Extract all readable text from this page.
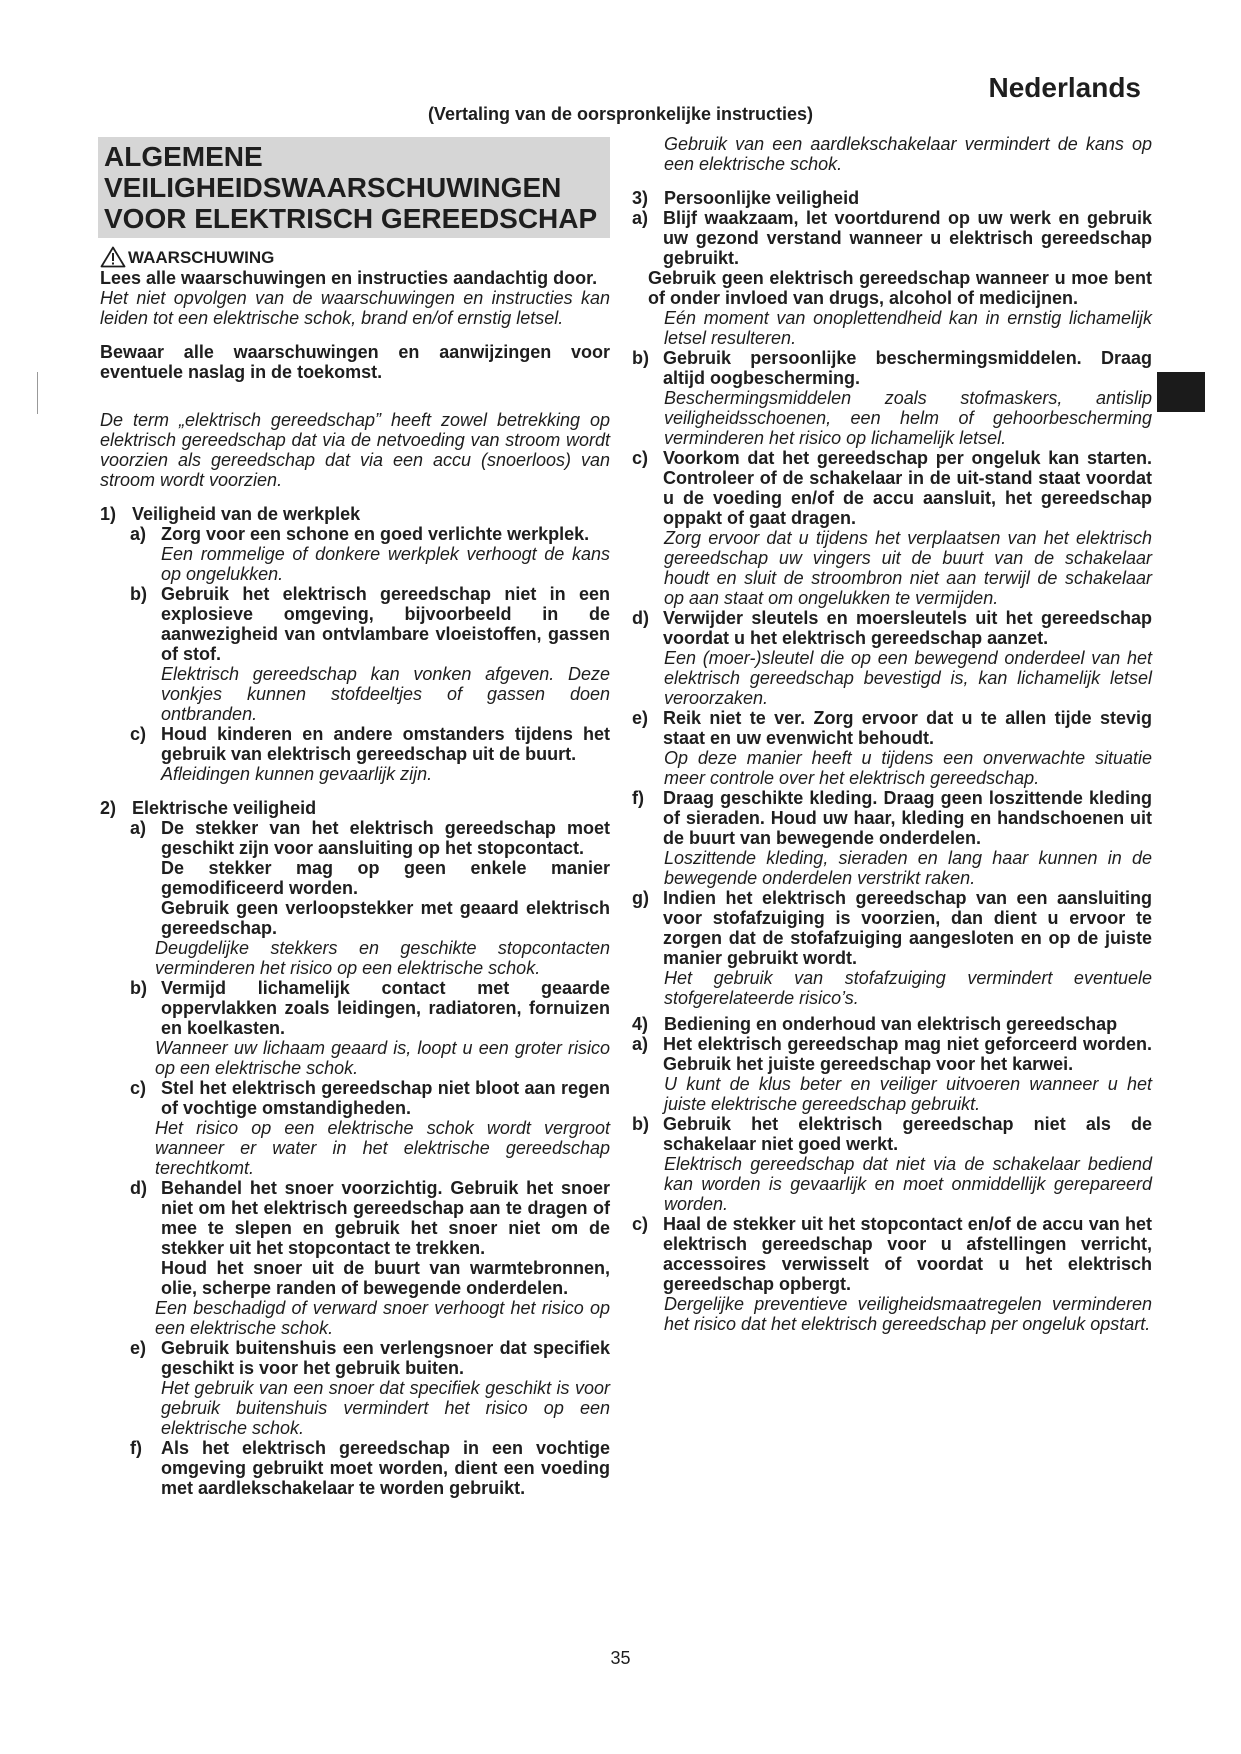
Nederlands
(Vertaling van de oorspronkelijke instructies)
ALGEMENE
VEILIGHEIDSWAARSCHUWINGEN
VOOR ELEKTRISCH GEREEDSCHAP
WAARSCHUWING

Lees alle waarschuwingen en instructies aandachtig door.

Het niet opvolgen van de waarschuwingen en instructies kan leiden tot een elektrische schok, brand en/of ernstig letsel.

Bewaar alle waarschuwingen en aanwijzingen voor eventuele naslag in de toekomst.

De term „elektrisch gereedschap” heeft zowel betrekking op elektrisch gereedschap dat via de netvoeding van stroom wordt voorzien als gereedschap dat via een accu (snoerloos) van stroom wordt voorzien.

1) Veiligheid van de werkplek
a) Zorg voor een schone en goed verlichte werkplek.

Een rommelige of donkere werkplek verhoogt de kans op ongelukken.

b) Gebruik het elektrisch gereedschap niet in een explosieve omgeving, bijvoorbeeld in de aanwezigheid van ontvlambare vloeistoffen, gassen of stof.

Elektrisch gereedschap kan vonken afgeven. Deze vonkjes kunnen stofdeeltjes of gassen doen ontbranden.

c) Houd kinderen en andere omstanders tijdens het gebruik van elektrisch gereedschap uit de buurt.

Afleidingen kunnen gevaarlijk zijn.

2) Elektrische veiligheid
a) De stekker van het elektrisch gereedschap moet geschikt zijn voor aansluiting op het stopcontact.

De stekker mag op geen enkele manier gemodificeerd worden.

Gebruik geen verloopstekker met geaard elektrisch gereedschap.

Deugdelijke stekkers en geschikte stopcontacten verminderen het risico op een elektrische schok.

b) Vermijd lichamelijk contact met geaarde oppervlakken zoals leidingen, radiatoren, fornuizen en koelkasten.

Wanneer uw lichaam geaard is, loopt u een groter risico op een elektrische schok.

c) Stel het elektrisch gereedschap niet bloot aan regen of vochtige omstandigheden.

Het risico op een elektrische schok wordt vergroot wanneer er water in het elektrische gereedschap terechtkomt.

d) Behandel het snoer voorzichtig. Gebruik het snoer niet om het elektrisch gereedschap aan te dragen of mee te slepen en gebruik het snoer niet om de stekker uit het stopcontact te trekken.

Houd het snoer uit de buurt van warmtebronnen, olie, scherpe randen of bewegende onderdelen.

Een beschadigd of verward snoer verhoogt het risico op een elektrische schok.

e) Gebruik buitenshuis een verlengsnoer dat specifiek geschikt is voor het gebruik buiten.

Het gebruik van een snoer dat specifiek geschikt is voor gebruik buitenshuis vermindert het risico op een elektrische schok.

f)	Als het elektrisch gereedschap in een vochtige omgeving gebruikt moet worden, dient een voeding met aardlekschakelaar te worden gebruikt.

Gebruik van een aardlekschakelaar vermindert de kans op een elektrische schok.

3) Persoonlijke veiligheid
a) Blijf waakzaam, let voortdurend op uw werk en gebruik uw gezond verstand wanneer u elektrisch gereedschap gebruikt.

Gebruik geen elektrisch gereedschap wanneer u moe bent of onder invloed van drugs, alcohol of medicijnen.

Eén moment van onoplettendheid kan in ernstig lichamelijk letsel resulteren.

b) Gebruik persoonlijke beschermingsmiddelen. Draag altijd oogbescherming.

Beschermingsmiddelen zoals stofmaskers, antislip veiligheidsschoenen, een helm of gehoorbescherming verminderen het risico op lichamelijk letsel.

c) Voorkom dat het gereedschap per ongeluk kan starten. Controleer of de schakelaar in de uit-stand staat voordat u de voeding en/of de accu aansluit, het gereedschap oppakt of gaat dragen.

Zorg ervoor dat u tijdens het verplaatsen van het elektrisch gereedschap uw vingers uit de buurt van de schakelaar houdt en sluit de stroombron niet aan terwijl de schakelaar op aan staat om ongelukken te vermijden.

d) Verwijder sleutels en moersleutels uit het gereedschap voordat u het elektrisch gereedschap aanzet.

Een (moer-)sleutel die op een bewegend onderdeel van het elektrisch gereedschap bevestigd is, kan lichamelijk letsel veroorzaken.

e) Reik niet te ver. Zorg ervoor dat u te allen tijde stevig staat en uw evenwicht behoudt.

Op deze manier heeft u tijdens een onverwachte situatie meer controle over het elektrisch gereedschap.

f)	Draag geschikte kleding. Draag geen loszittende kleding of sieraden. Houd uw haar, kleding en handschoenen uit de buurt van bewegende onderdelen.

Loszittende kleding, sieraden en lang haar kunnen in de bewegende onderdelen verstrikt raken.

g) Indien het elektrisch gereedschap van een aansluiting voor stofafzuiging is voorzien, dan dient u ervoor te zorgen dat de stofafzuiging aangesloten en op de juiste manier gebruikt wordt.

Het gebruik van stofafzuiging vermindert eventuele stofgerelateerde risico’s.

4) Bediening en onderhoud van elektrisch gereedschap
a) Het elektrisch gereedschap mag niet geforceerd worden. Gebruik het juiste gereedschap voor het karwei.

U kunt de klus beter en veiliger uitvoeren wanneer u het juiste elektrische gereedschap gebruikt.

b) Gebruik het elektrisch gereedschap niet als de schakelaar niet goed werkt.

Elektrisch gereedschap dat niet via de schakelaar bediend kan worden is gevaarlijk en moet onmiddellijk gerepareerd worden.

c) Haal de stekker uit het stopcontact en/of de accu van het elektrisch gereedschap voor u afstellingen verricht, accessoires verwisselt of voordat u het elektrisch gereedschap opbergt.

Dergelijke preventieve veiligheidsmaatregelen verminderen het risico dat het elektrisch gereedschap per ongeluk opstart.

35
